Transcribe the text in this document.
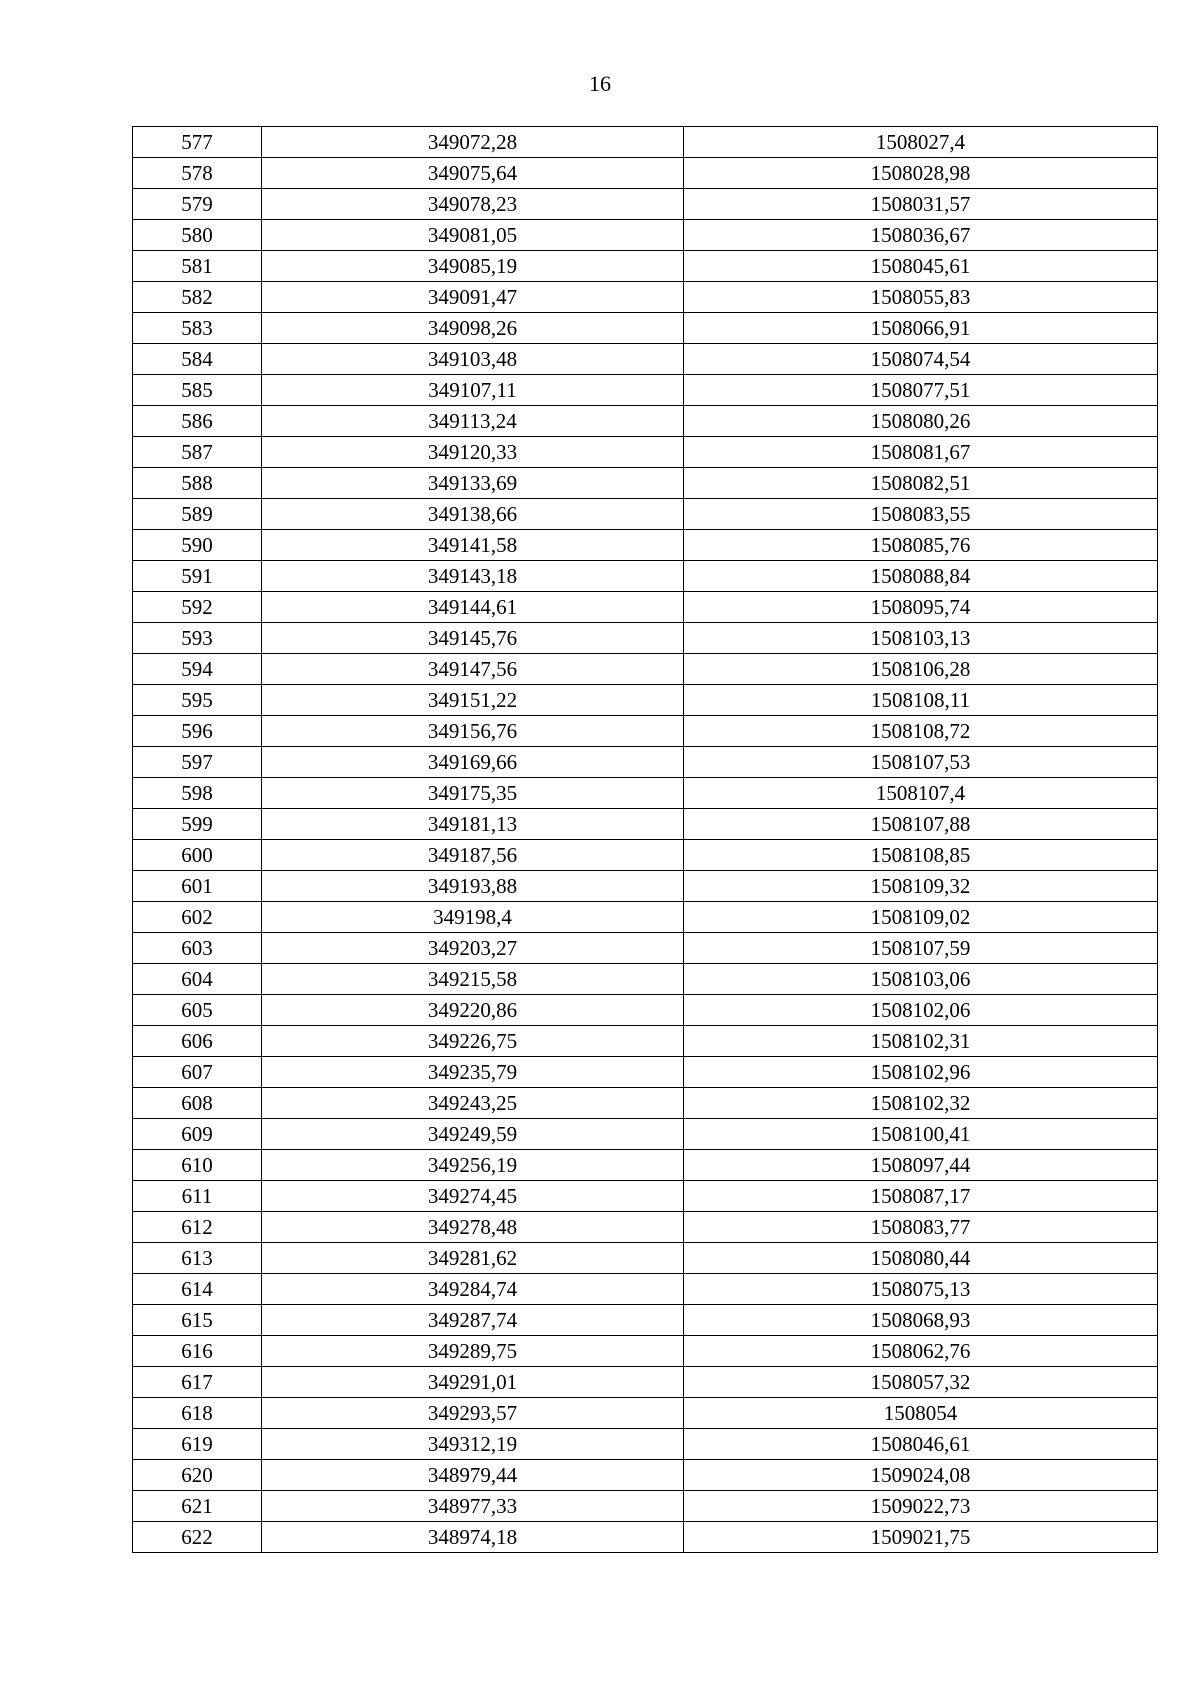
16
577	349072,28	1508027,4
578	349075,64	1508028,98
579	349078,23	1508031,57
580	349081,05	1508036,67
581	349085,19	1508045,61
582	349091,47	1508055,83
583	349098,26	1508066,91
584	349103,48	1508074,54
585	349107,11	1508077,51
586	349113,24	1508080,26
587	349120,33	1508081,67
588	349133,69	1508082,51
589	349138,66	1508083,55
590	349141,58	1508085,76
591	349143,18	1508088,84
592	349144,61	1508095,74
593	349145,76	1508103,13
594	349147,56	1508106,28
595	349151,22	1508108,11
596	349156,76	1508108,72
597	349169,66	1508107,53
598	349175,35	1508107,4
599	349181,13	1508107,88
600	349187,56	1508108,85
601	349193,88	1508109,32
602	349198,4	1508109,02
603	349203,27	1508107,59
604	349215,58	1508103,06
605	349220,86	1508102,06
606	349226,75	1508102,31
607	349235,79	1508102,96
608	349243,25	1508102,32
609	349249,59	1508100,41
610	349256,19	1508097,44
611	349274,45	1508087,17
612	349278,48	1508083,77
613	349281,62	1508080,44
614	349284,74	1508075,13
615	349287,74	1508068,93
616	349289,75	1508062,76
617	349291,01	1508057,32
618	349293,57	1508054
619	349312,19	1508046,61
620	348979,44	1509024,08
621	348977,33	1509022,73
622	348974,18	1509021,75
